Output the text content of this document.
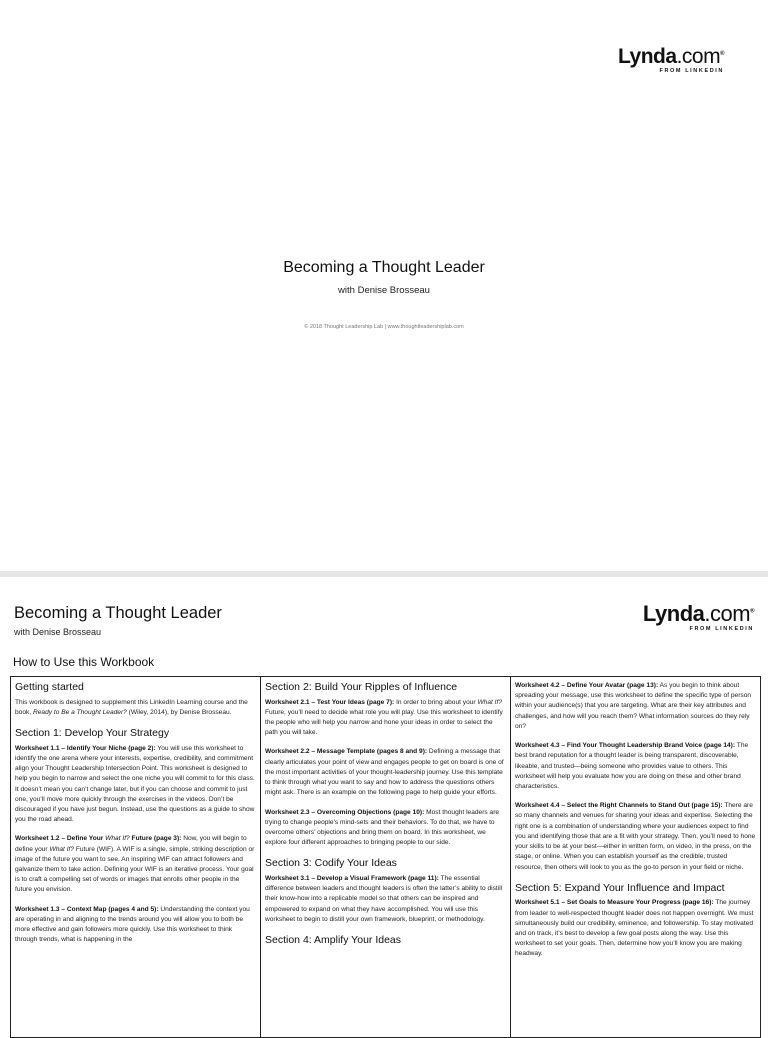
Lynda.com®
FROM LINKEDIN
Becoming a Thought Leader
with Denise Brosseau
© 2018 Thought Leadership Lab | www.thoughtleadershiplab.com
Lynda.com®
FROM LINKEDIN
Becoming a Thought Leader
with Denise Brosseau
How to Use this Workbook
Getting started

This workbook is designed to supplement this LinkedIn Learning course and the book, Ready to Be a Thought Leader? (Wiley, 2014), by Denise Brosseau.

Section 1: Develop Your Strategy

Worksheet 1.1 – Identify Your Niche (page 2): You will use this worksheet to identify the one arena where your interests, expertise, credibility, and commitment align your Thought Leadership Intersection Point. This worksheet is designed to help you begin to narrow and select the one niche you will commit to for this class. It doesn’t mean you can’t change later, but if you can choose and commit to just one, you’ll move more quickly through the exercises in the videos. Don’t be discouraged if you have just begun. Instead, use the questions as a guide to show you the road ahead.

Worksheet 1.2 – Define Your What If? Future (page 3): Now, you will begin to define your What If? Future (WIF). A WIF is a single, simple, striking description or image of the future you want to see. An inspiring WIF can attract followers and galvanize them to take action. Defining your WIF is an iterative process. Your goal is to craft a compelling set of words or images that enrolls other people in the future you envision.

Worksheet 1.3 – Context Map (pages 4 and 5): Understanding the context you are operating in and aligning to the trends around you will allow you to both be more effective and gain followers more quickly. Use this worksheet to think through trends, what is happening in the

Section 2: Build Your Ripples of Influence

Worksheet 2.1 – Test Your Ideas (page 7): In order to bring about your What If? Future, you’ll need to decide what role you will play. Use this worksheet to identify the people who will help you narrow and hone your ideas in order to select the path you will take.

Worksheet 2.2 – Message Template (pages 8 and 9): Defining a message that clearly articulates your point of view and engages people to get on board is one of the most important activities of your thought-leadership journey. Use this template to think through what you want to say and how to address the questions others might ask. There is an example on the following page to help guide your efforts.

Worksheet 2.3 – Overcoming Objections (page 10): Most thought leaders are trying to change people’s mind-sets and their behaviors. To do that, we have to overcome others’ objections and bring them on board. In this worksheet, we explore four different approaches to bringing people to our side.

Section 3: Codify Your Ideas

Worksheet 3.1 – Develop a Visual Framework (page 11): The essential difference between leaders and thought leaders is often the latter’s ability to distill their know-how into a replicable model so that others can be inspired and empowered to expand on what they have accomplished. You will use this worksheet to begin to distill your own framework, blueprint, or methodology.

Section 4: Amplify Your Ideas

Worksheet 4.2 – Define Your Avatar (page 13): As you begin to think about spreading your message, use this worksheet to define the specific type of person within your audience(s) that you are targeting. What are their key attributes and challenges, and how will you reach them? What information sources do they rely on?

Worksheet 4.3 – Find Your Thought Leadership Brand Voice (page 14): The best brand reputation for a thought leader is being transparent, discoverable, likeable, and trusted—being someone who provides value to others. This worksheet will help you evaluate how you are doing on these and other brand characteristics.

Worksheet 4.4 – Select the Right Channels to Stand Out (page 15): There are so many channels and venues for sharing your ideas and expertise. Selecting the right one is a combination of understanding where your audiences expect to find you and identifying those that are a fit with your strategy. Then, you’ll need to hone your skills to be at your best—either in written form, on video, in the press, on the stage, or online. When you can establish yourself as the credible, trusted resource, then others will look to you as the go-to person in your field or niche.

Section 5: Expand Your Influence and Impact

Worksheet 5.1 – Set Goals to Measure Your Progress (page 16): The journey from leader to well-respected thought leader does not happen overnight. We must simultaneously build our credibility, eminence, and followership. To stay motivated and on track, it’s best to develop a few goal posts along the way. Use this worksheet to set your goals. Then, determine how you’ll know you are making headway.
